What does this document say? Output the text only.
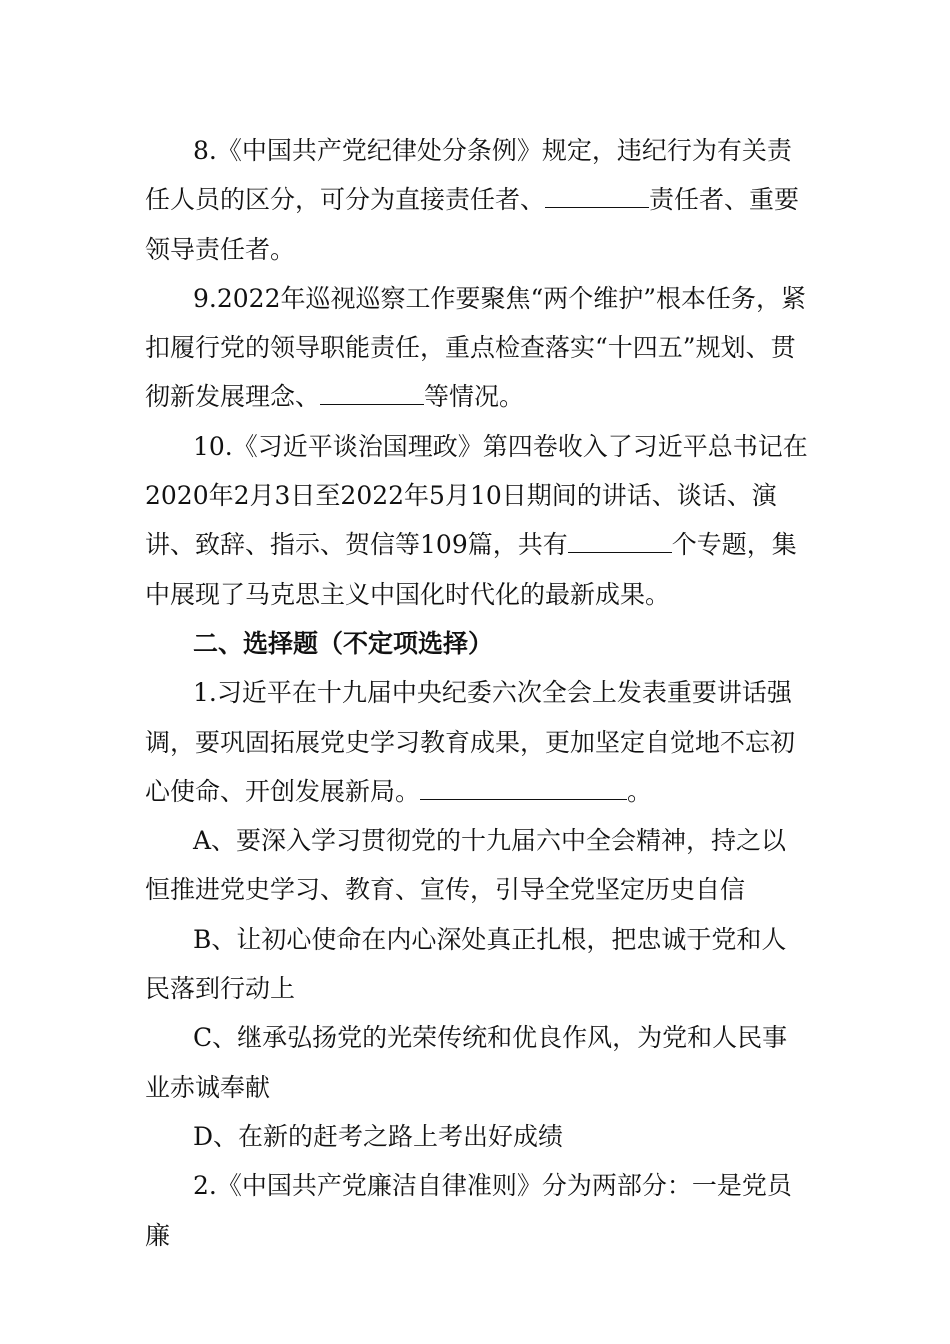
8.《中国共产党纪律处分条例》规定，违纪行为有关责任人员的区分，可分为直接责任者、	责任者、重要领导责任者。

9.2022年巡视巡察工作要聚焦“两个维护”根本任务，紧扣履行党的领导职能责任，重点检查落实“十四五”规划、贯彻新发展理念、	等情况。

10.《习近平谈治国理政》第四卷收入了习近平总书记在2020年2月3日至2022年5月10日期间的讲话、谈话、演讲、致辞、指示、贺信等109篇，共有	个专题，集中展现了马克思主义中国化时代化的最新成果。

二、选择题（不定项选择）

1.习近平在十九届中央纪委六次全会上发表重要讲话强调，要巩固拓展党史学习教育成果，更加坚定自觉地不忘初心使命、开创发展新局。	。

A、要深入学习贯彻党的十九届六中全会精神，持之以恒推进党史学习、教育、宣传，引导全党坚定历史自信

B、让初心使命在内心深处真正扎根，把忠诚于党和人民落到行动上

C、继承弘扬党的光荣传统和优良作风，为党和人民事业赤诚奉献

D、在新的赶考之路上考出好成绩

2.《中国共产党廉洁自律准则》分为两部分：一是党员廉
